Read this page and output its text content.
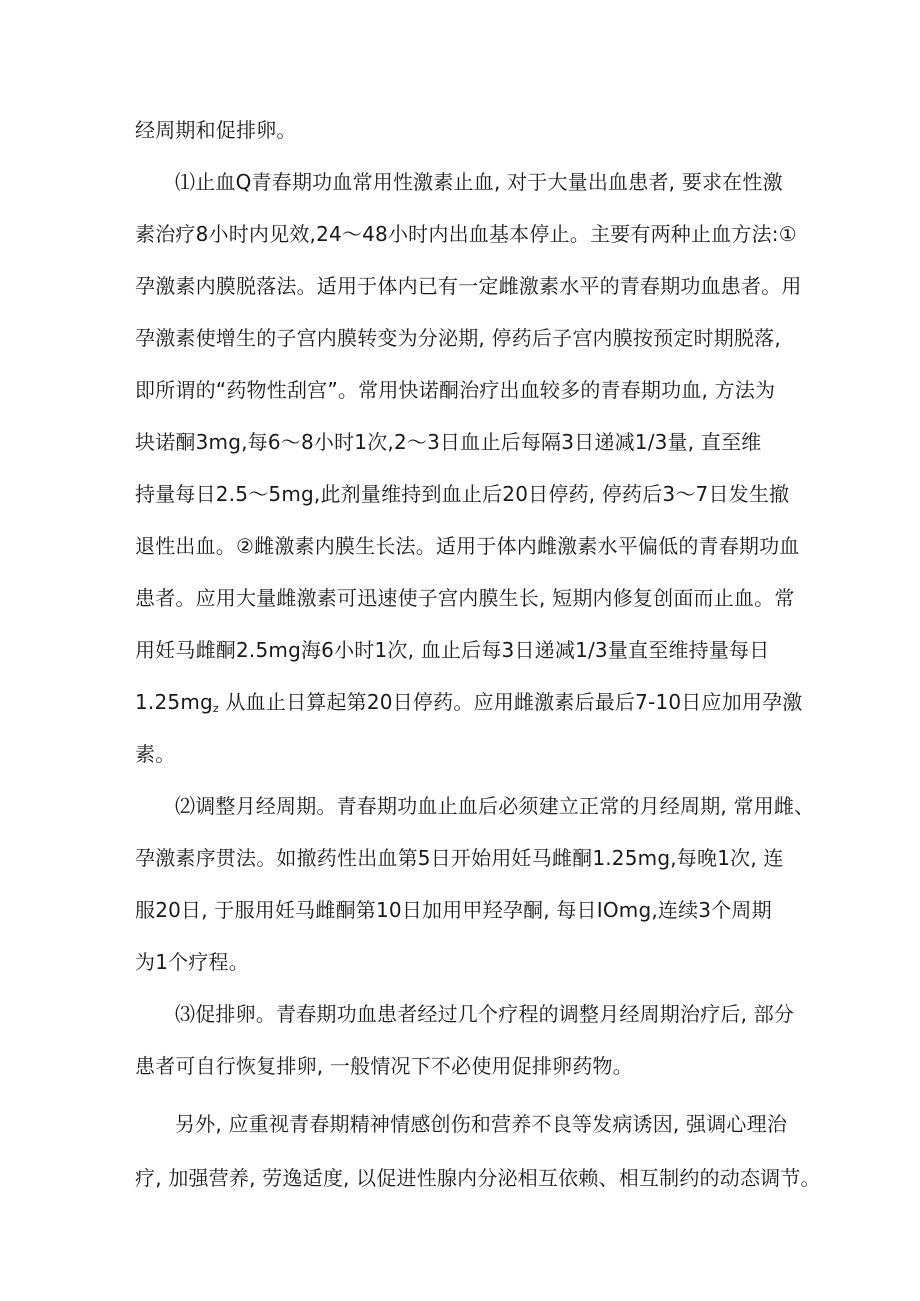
经周期和促排卵。

⑴止血Q青春期功血常用性激素止血, 对于大量出血患者, 要求在性激

素治疗8小时内见效,24～48小时内出血基本停止。主要有两种止血方法:①

孕激素内膜脱落法。适用于体内已有一定雌激素水平的青春期功血患者。用

孕激素使增生的子宫内膜转变为分泌期, 停药后子宫内膜按预定时期脱落,

即所谓的“药物性刮宫”。常用快诺酮治疗出血较多的青春期功血, 方法为

块诺酮3mg,每6～8小时1次,2～3日血止后每隔3日递减1/3量, 直至维

持量每日2.5～5mg,此剂量维持到血止后20日停药, 停药后3～7日发生撤

退性出血。②雌激素内膜生长法。适用于体内雌激素水平偏低的青春期功血

患者。应用大量雌激素可迅速使子宫内膜生长, 短期内修复创面而止血。常

用妊马雌酮2.5mg海6小时1次, 血止后每3日递减1/3量直至维持量每日

$1.25mg_z$ 从血止日算起第20日停药。应用雌激素后最后7-10日应加用孕激

素。

⑵调整月经周期。青春期功血止血后必须建立正常的月经周期, 常用雌、

孕激素序贯法。如撤药性出血第5日开始用妊马雌酮1.25mg,每晚1次, 连

服20日, 于服用妊马雌酮第10日加用甲羟孕酮, 每日IOmg,连续3个周期

为1个疗程。

⑶促排卵。青春期功血患者经过几个疗程的调整月经周期治疗后, 部分

患者可自行恢复排卵, 一般情况下不必使用促排卵药物。

另外, 应重视青春期精神情感创伤和营养不良等发病诱因, 强调心理治

疗, 加强营养, 劳逸适度, 以促进性腺内分泌相互依赖、相互制约的动态调节。
